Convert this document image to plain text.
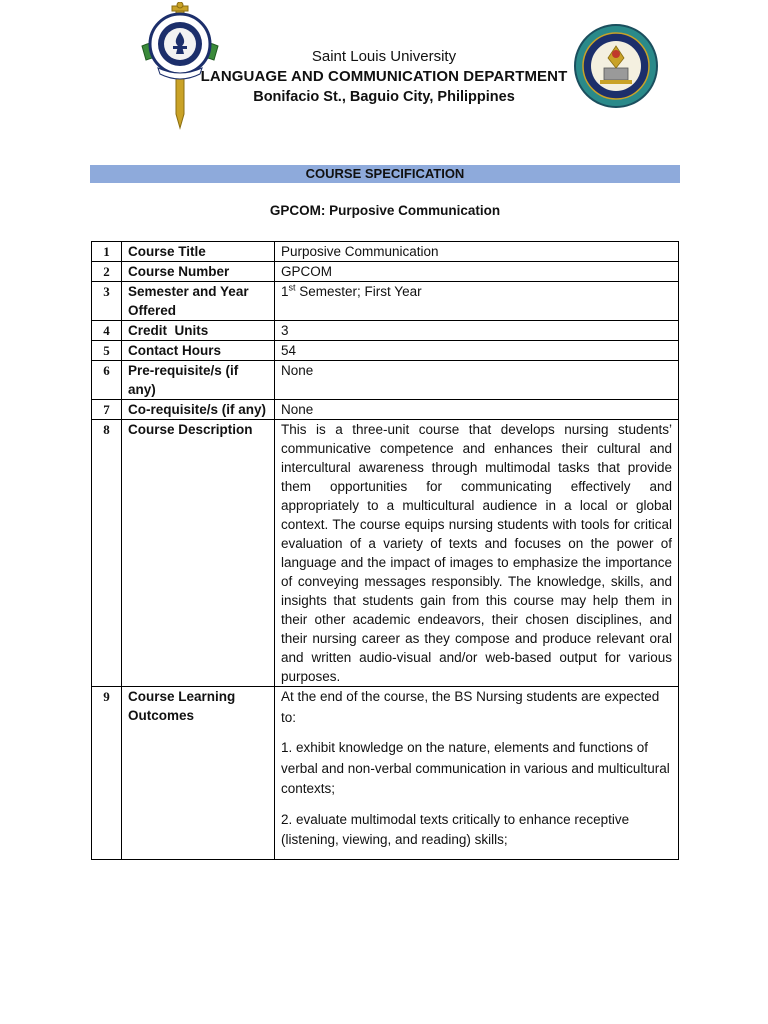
Saint Louis University
LANGUAGE AND COMMUNICATION DEPARTMENT
Bonifacio St., Baguio City, Philippines
COURSE SPECIFICATION
GPCOM: Purposive Communication
1	Course Title	Purposive Communication
2	Course Number	GPCOM
3	Semester and Year Offered	1st Semester; First Year
4	Credit  Units	3
5	Contact Hours	54
6	Pre-requisite/s (if any)	None
7	Co-requisite/s (if any)	None
8	Course Description	This is a three-unit course that develops nursing students’ communicative competence and enhances their cultural and intercultural awareness through multimodal tasks that provide them opportunities for communicating effectively and appropriately to a multicultural audience in a local or global context. The course equips nursing students with tools for critical evaluation of a variety of texts and focuses on the power of language and the impact of images to emphasize the importance of conveying messages responsibly. The knowledge, skills, and insights that students gain from this course may help them in their other academic endeavors, their chosen disciplines, and their nursing career as they compose and produce relevant oral and written audio-visual and/or web-based output for various purposes.
9	Course Learning Outcomes	At the end of the course, the BS Nursing students are expected to:

1. exhibit knowledge on the nature, elements and functions of verbal and non-verbal communication in various and multicultural contexts;

2. evaluate multimodal texts critically to enhance receptive (listening, viewing, and reading) skills;
